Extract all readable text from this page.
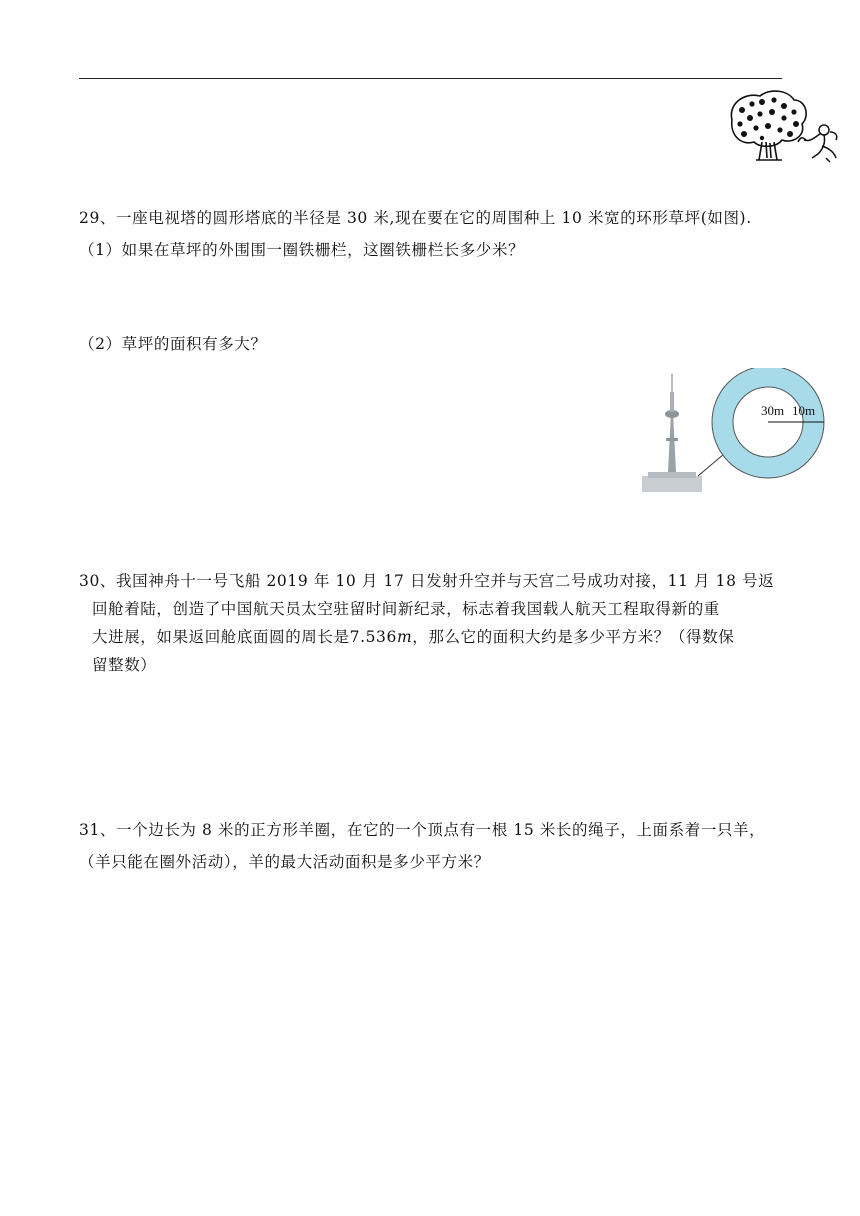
29、一座电视塔的圆形塔底的半径是 30 米,现在要在它的周围种上 10 米宽的环形草坪(如图).
（1）如果在草坪的外围围一圈铁栅栏，这圈铁栅栏长多少米？
（2）草坪的面积有多大？
30m 10m
30、我国神舟十一号飞船 2019 年 10 月 17 日发射升空并与天宫二号成功对接，11 月 18 号返
回舱着陆，创造了中国航天员太空驻留时间新纪录，标志着我国载人航天工程取得新的重
大进展，如果返回舱底面圆的周长是7.536m，那么它的面积大约是多少平方米？（得数保
留整数）
31、一个边长为 8 米的正方形羊圈，在它的一个顶点有一根 15 米长的绳子，上面系着一只羊，
（羊只能在圈外活动），羊的最大活动面积是多少平方米？
